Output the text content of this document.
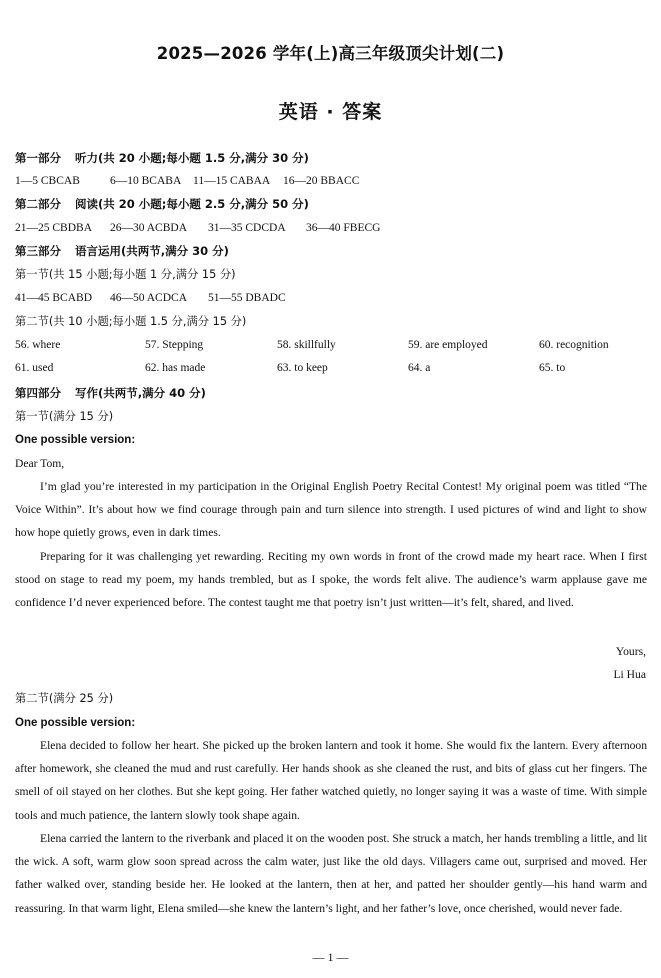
2025—2026 学年(上)高三年级顶尖计划(二)
英语 · 答案
第一部分 听力(共 20 小题;每小题 1.5 分,满分 30 分)
1—5 CBCAB	6—10 BCABA 11—15 CABAA 16—20 BBACC
第二部分 阅读(共 20 小题;每小题 2.5 分,满分 50 分)
21—25 CBDBA 26—30 ACBDA 31—35 CDCDA 36—40 FBECG
第三部分 语言运用(共两节,满分 30 分)
第一节(共 15 小题;每小题 1 分,满分 15 分)
41—45 BCABD 46—50 ACDCA 51—55 DBADC
第二节(共 10 小题;每小题 1.5 分,满分 15 分)
56. where	57. Stepping	58. skillfully	59. are employed	60. recognition
61. used	62. has made	63. to keep	64. a	65. to
第四部分 写作(共两节,满分 40 分)
第一节(满分 15 分)
One possible version:
Dear Tom,

I’m glad you’re interested in my participation in the Original English Poetry Recital Contest! My original poem was titled “The Voice Within”. It’s about how we find courage through pain and turn silence into strength. I used pictures of wind and light to show how hope quietly grows, even in dark times.

Preparing for it was challenging yet rewarding. Reciting my own words in front of the crowd made my heart race. When I first stood on stage to read my poem, my hands trembled, but as I spoke, the words felt alive. The audience’s warm applause gave me confidence I’d never experienced before. The contest taught me that poetry isn’t just written—it’s felt, shared, and lived.

Yours,
Li Hua
第二节(满分 25 分)
One possible version:

Elena decided to follow her heart. She picked up the broken lantern and took it home. She would fix the lantern. Every afternoon after homework, she cleaned the mud and rust carefully. Her hands shook as she cleaned the rust, and bits of glass cut her fingers. The smell of oil stayed on her clothes. But she kept going. Her father watched quietly, no longer saying it was a waste of time. With simple tools and much patience, the lantern slowly took shape again.

Elena carried the lantern to the riverbank and placed it on the wooden post. She struck a match, her hands trembling a little, and lit the wick. A soft, warm glow soon spread across the calm water, just like the old days. Villagers came out, surprised and moved. Her father walked over, standing beside her. He looked at the lantern, then at her, and patted her shoulder gently—his hand warm and reassuring. In that warm light, Elena smiled—she knew the lantern’s light, and her father’s love, once cherished, would never fade.

— 1 —
